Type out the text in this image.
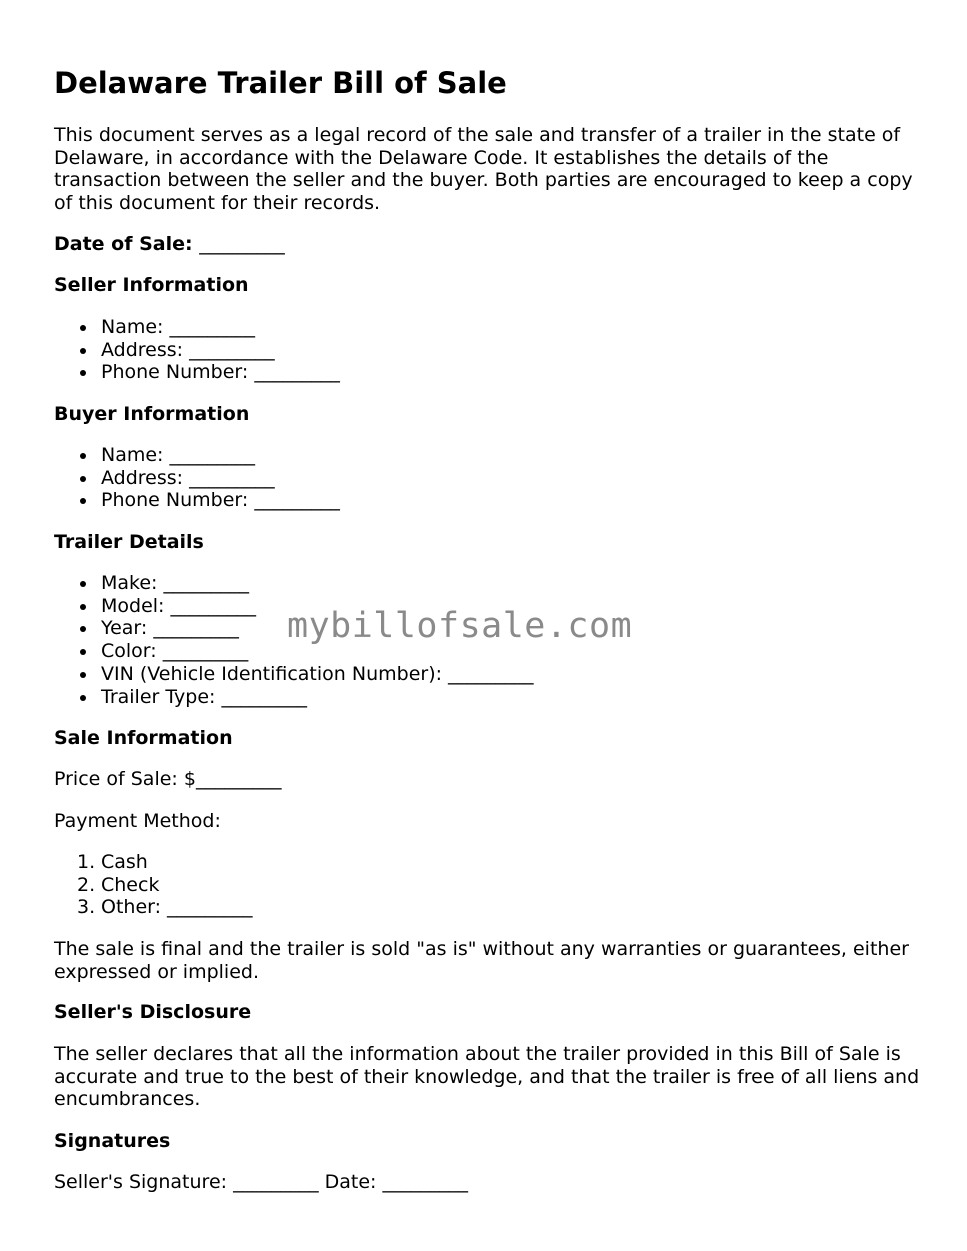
Delaware Trailer Bill of Sale

This document serves as a legal record of the sale and transfer of a trailer in the state of Delaware, in accordance with the Delaware Code. It establishes the details of the transaction between the seller and the buyer. Both parties are encouraged to keep a copy of this document for their records.

Date of Sale: _________

Seller Information

Name: _________
Address: _________
Phone Number: _________

Buyer Information

Name: _________
Address: _________
Phone Number: _________

Trailer Details

Make: _________
Model: _________
Year: _________
Color: _________
VIN (Vehicle Identification Number): _________
Trailer Type: _________

Sale Information

Price of Sale: $_________

Payment Method:

1. Cash
2. Check
3. Other: _________

The sale is final and the trailer is sold "as is" without any warranties or guarantees, either expressed or implied.

Seller's Disclosure

The seller declares that all the information about the trailer provided in this Bill of Sale is accurate and true to the best of their knowledge, and that the trailer is free of all liens and encumbrances.

Signatures

Seller's Signature: _________ Date: _________

mybillofsale.com
